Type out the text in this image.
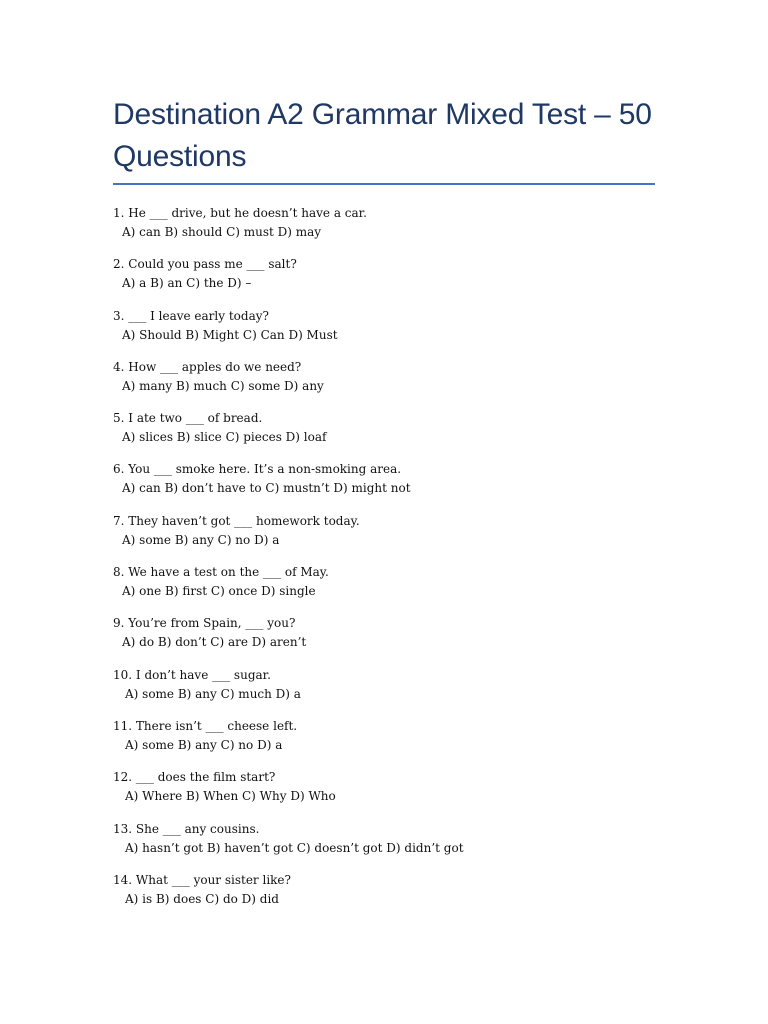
Destination A2 Grammar Mixed Test – 50 Questions
1. He ___ drive, but he doesn’t have a car.
A) can B) should C) must D) may
2. Could you pass me ___ salt?
A) a B) an C) the D) –
3. ___ I leave early today?
A) Should B) Might C) Can D) Must
4. How ___ apples do we need?
A) many B) much C) some D) any
5. I ate two ___ of bread.
A) slices B) slice C) pieces D) loaf
6. You ___ smoke here. It’s a non-smoking area.
A) can B) don’t have to C) mustn’t D) might not
7. They haven’t got ___ homework today.
A) some B) any C) no D) a
8. We have a test on the ___ of May.
A) one B) first C) once D) single
9. You’re from Spain, ___ you?
A) do B) don’t C) are D) aren’t
10. I don’t have ___ sugar.
A) some B) any C) much D) a
11. There isn’t ___ cheese left.
A) some B) any C) no D) a
12. ___ does the film start?
A) Where B) When C) Why D) Who
13. She ___ any cousins.
A) hasn’t got B) haven’t got C) doesn’t got D) didn’t got
14. What ___ your sister like?
A) is B) does C) do D) did
